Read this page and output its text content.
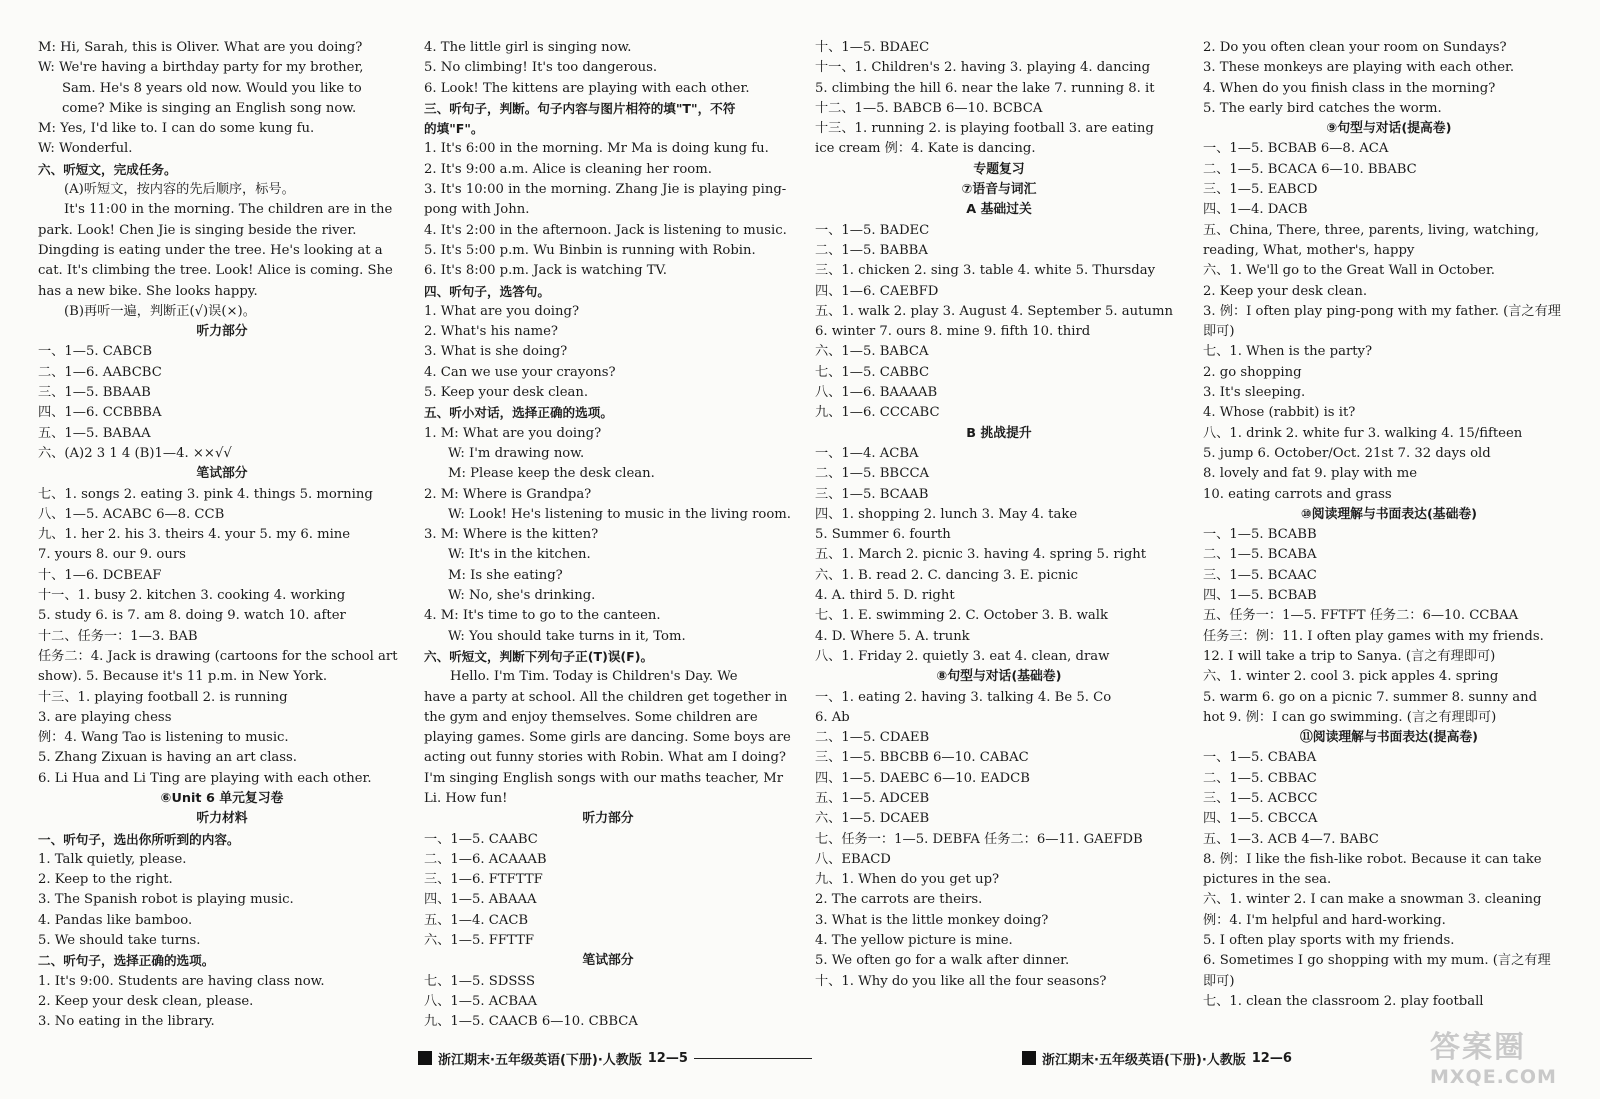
M: Hi, Sarah, this is Oliver. What are you doing?
W: We're having a birthday party for my brother,
Sam. He's 8 years old now. Would you like to
come? Mike is singing an English song now.
M: Yes, I'd like to. I can do some kung fu.
W: Wonderful.
六、听短文，完成任务。
(A)听短文，按内容的先后顺序，标号。
It's 11:00 in the morning. The children are in the
park. Look! Chen Jie is singing beside the river.
Dingding is eating under the tree. He's looking at a
cat. It's climbing the tree. Look! Alice is coming. She
has a new bike. She looks happy.
(B)再听一遍，判断正(√)误(×)。
听力部分
一、1—5. CABCB
二、1—6. AABCBC
三、1—5. BBAAB
四、1—6. CCBBBA
五、1—5. BABAA
六、(A)2 3 1 4 (B)1—4. ××√√
笔试部分
七、1. songs 2. eating 3. pink 4. things 5. morning
八、1—5. ACABC 6—8. CCB
九、1. her 2. his 3. theirs 4. your 5. my 6. mine
7. yours 8. our 9. ours
十、1—6. DCBEAF
十一、1. busy 2. kitchen 3. cooking 4. working
5. study 6. is 7. am 8. doing 9. watch 10. after
十二、任务一：1—3. BAB
任务二：4. Jack is drawing (cartoons for the school art
show). 5. Because it's 11 p.m. in New York.
十三、1. playing football 2. is running
3. are playing chess
例：4. Wang Tao is listening to music.
5. Zhang Zixuan is having an art class.
6. Li Hua and Li Ting are playing with each other.
⑥Unit 6 单元复习卷
听力材料
一、听句子，选出你所听到的内容。
1. Talk quietly, please.
2. Keep to the right.
3. The Spanish robot is playing music.
4. Pandas like bamboo.
5. We should take turns.
二、听句子，选择正确的选项。
1. It's 9:00. Students are having class now.
2. Keep your desk clean, please.
3. No eating in the library.
4. The little girl is singing now.
5. No climbing! It's too dangerous.
6. Look! The kittens are playing with each other.
三、听句子，判断。句子内容与图片相符的填"T"，不符
的填"F"。
1. It's 6:00 in the morning. Mr Ma is doing kung fu.
2. It's 9:00 a.m. Alice is cleaning her room.
3. It's 10:00 in the morning. Zhang Jie is playing ping-
pong with John.
4. It's 2:00 in the afternoon. Jack is listening to music.
5. It's 5:00 p.m. Wu Binbin is running with Robin.
6. It's 8:00 p.m. Jack is watching TV.
四、听句子，选答句。
1. What are you doing?
2. What's his name?
3. What is she doing?
4. Can we use your crayons?
5. Keep your desk clean.
五、听小对话，选择正确的选项。
1. M: What are you doing?
W: I'm drawing now.
M: Please keep the desk clean.
2. M: Where is Grandpa?
W: Look! He's listening to music in the living room.
3. M: Where is the kitten?
W: It's in the kitchen.
M: Is she eating?
W: No, she's drinking.
4. M: It's time to go to the canteen.
W: You should take turns in it, Tom.
六、听短文，判断下列句子正(T)误(F)。
Hello. I'm Tim. Today is Children's Day. We
have a party at school. All the children get together in
the gym and enjoy themselves. Some children are
playing games. Some girls are dancing. Some boys are
acting out funny stories with Robin. What am I doing?
I'm singing English songs with our maths teacher, Mr
Li. How fun!
听力部分
一、1—5. CAABC
二、1—6. ACAAAB
三、1—6. FTFTTF
四、1—5. ABAAA
五、1—4. CACB
六、1—5. FFTTF
笔试部分
七、1—5. SDSSS
八、1—5. ACBAA
九、1—5. CAACB 6—10. CBBCA
十、1—5. BDAEC
十一、1. Children's 2. having 3. playing 4. dancing
5. climbing the hill 6. near the lake 7. running 8. it
十二、1—5. BABCB 6—10. BCBCA
十三、1. running 2. is playing football 3. are eating
ice cream 例：4. Kate is dancing.
专题复习
⑦语音与词汇
A 基础过关
一、1—5. BADEC
二、1—5. BABBA
三、1. chicken 2. sing 3. table 4. white 5. Thursday
四、1—6. CAEBFD
五、1. walk 2. play 3. August 4. September 5. autumn
6. winter 7. ours 8. mine 9. fifth 10. third
六、1—5. BABCA
七、1—5. CABBC
八、1—6. BAAAAB
九、1—6. CCCABC
B 挑战提升
一、1—4. ACBA
二、1—5. BBCCA
三、1—5. BCAAB
四、1. shopping 2. lunch 3. May 4. take
5. Summer 6. fourth
五、1. March 2. picnic 3. having 4. spring 5. right
六、1. B. read 2. C. dancing 3. E. picnic
4. A. third 5. D. right
七、1. E. swimming 2. C. October 3. B. walk
4. D. Where 5. A. trunk
八、1. Friday 2. quietly 3. eat 4. clean, draw
⑧句型与对话(基础卷)
一、1. eating 2. having 3. talking 4. Be 5. Co
6. Ab
二、1—5. CDAEB
三、1—5. BBCBB 6—10. CABAC
四、1—5. DAEBC 6—10. EADCB
五、1—5. ADCEB
六、1—5. DCAEB
七、任务一：1—5. DEBFA 任务二：6—11. GAEFDB
八、EBACD
九、1. When do you get up?
2. The carrots are theirs.
3. What is the little monkey doing?
4. The yellow picture is mine.
5. We often go for a walk after dinner.
十、1. Why do you like all the four seasons?
2. Do you often clean your room on Sundays?
3. These monkeys are playing with each other.
4. When do you finish class in the morning?
5. The early bird catches the worm.
⑨句型与对话(提高卷)
一、1—5. BCBAB 6—8. ACA
二、1—5. BCACA 6—10. BBABC
三、1—5. EABCD
四、1—4. DACB
五、China, There, three, parents, living, watching,
reading, What, mother's, happy
六、1. We'll go to the Great Wall in October.
2. Keep your desk clean.
3. 例：I often play ping-pong with my father. (言之有理
即可)
七、1. When is the party?
2. go shopping
3. It's sleeping.
4. Whose (rabbit) is it?
八、1. drink 2. white fur 3. walking 4. 15/fifteen
5. jump 6. October/Oct. 21st 7. 32 days old
8. lovely and fat 9. play with me
10. eating carrots and grass
⑩阅读理解与书面表达(基础卷)
一、1—5. BCABB
二、1—5. BCABA
三、1—5. BCAAC
四、1—5. BCBAB
五、任务一：1—5. FFTFT 任务二：6—10. CCBAA
任务三：例：11. I often play games with my friends.
12. I will take a trip to Sanya. (言之有理即可)
六、1. winter 2. cool 3. pick apples 4. spring
5. warm 6. go on a picnic 7. summer 8. sunny and
hot 9. 例：I can go swimming. (言之有理即可)
⑪阅读理解与书面表达(提高卷)
一、1—5. CBABA
二、1—5. CBBAC
三、1—5. ACBCC
四、1—5. CBCCA
五、1—3. ACB 4—7. BABC
8. 例：I like the fish-like robot. Because it can take
pictures in the sea.
六、1. winter 2. I can make a snowman 3. cleaning
例：4. I'm helpful and hard-working.
5. I often play sports with my friends.
6. Sometimes I go shopping with my mum. (言之有理
即可)
七、1. clean the classroom 2. play football
浙江期末·五年级英语(下册)·人教版 12—5	浙江期末·五年级英语(下册)·人教版 12—6	答案圈
MXQE.COM
